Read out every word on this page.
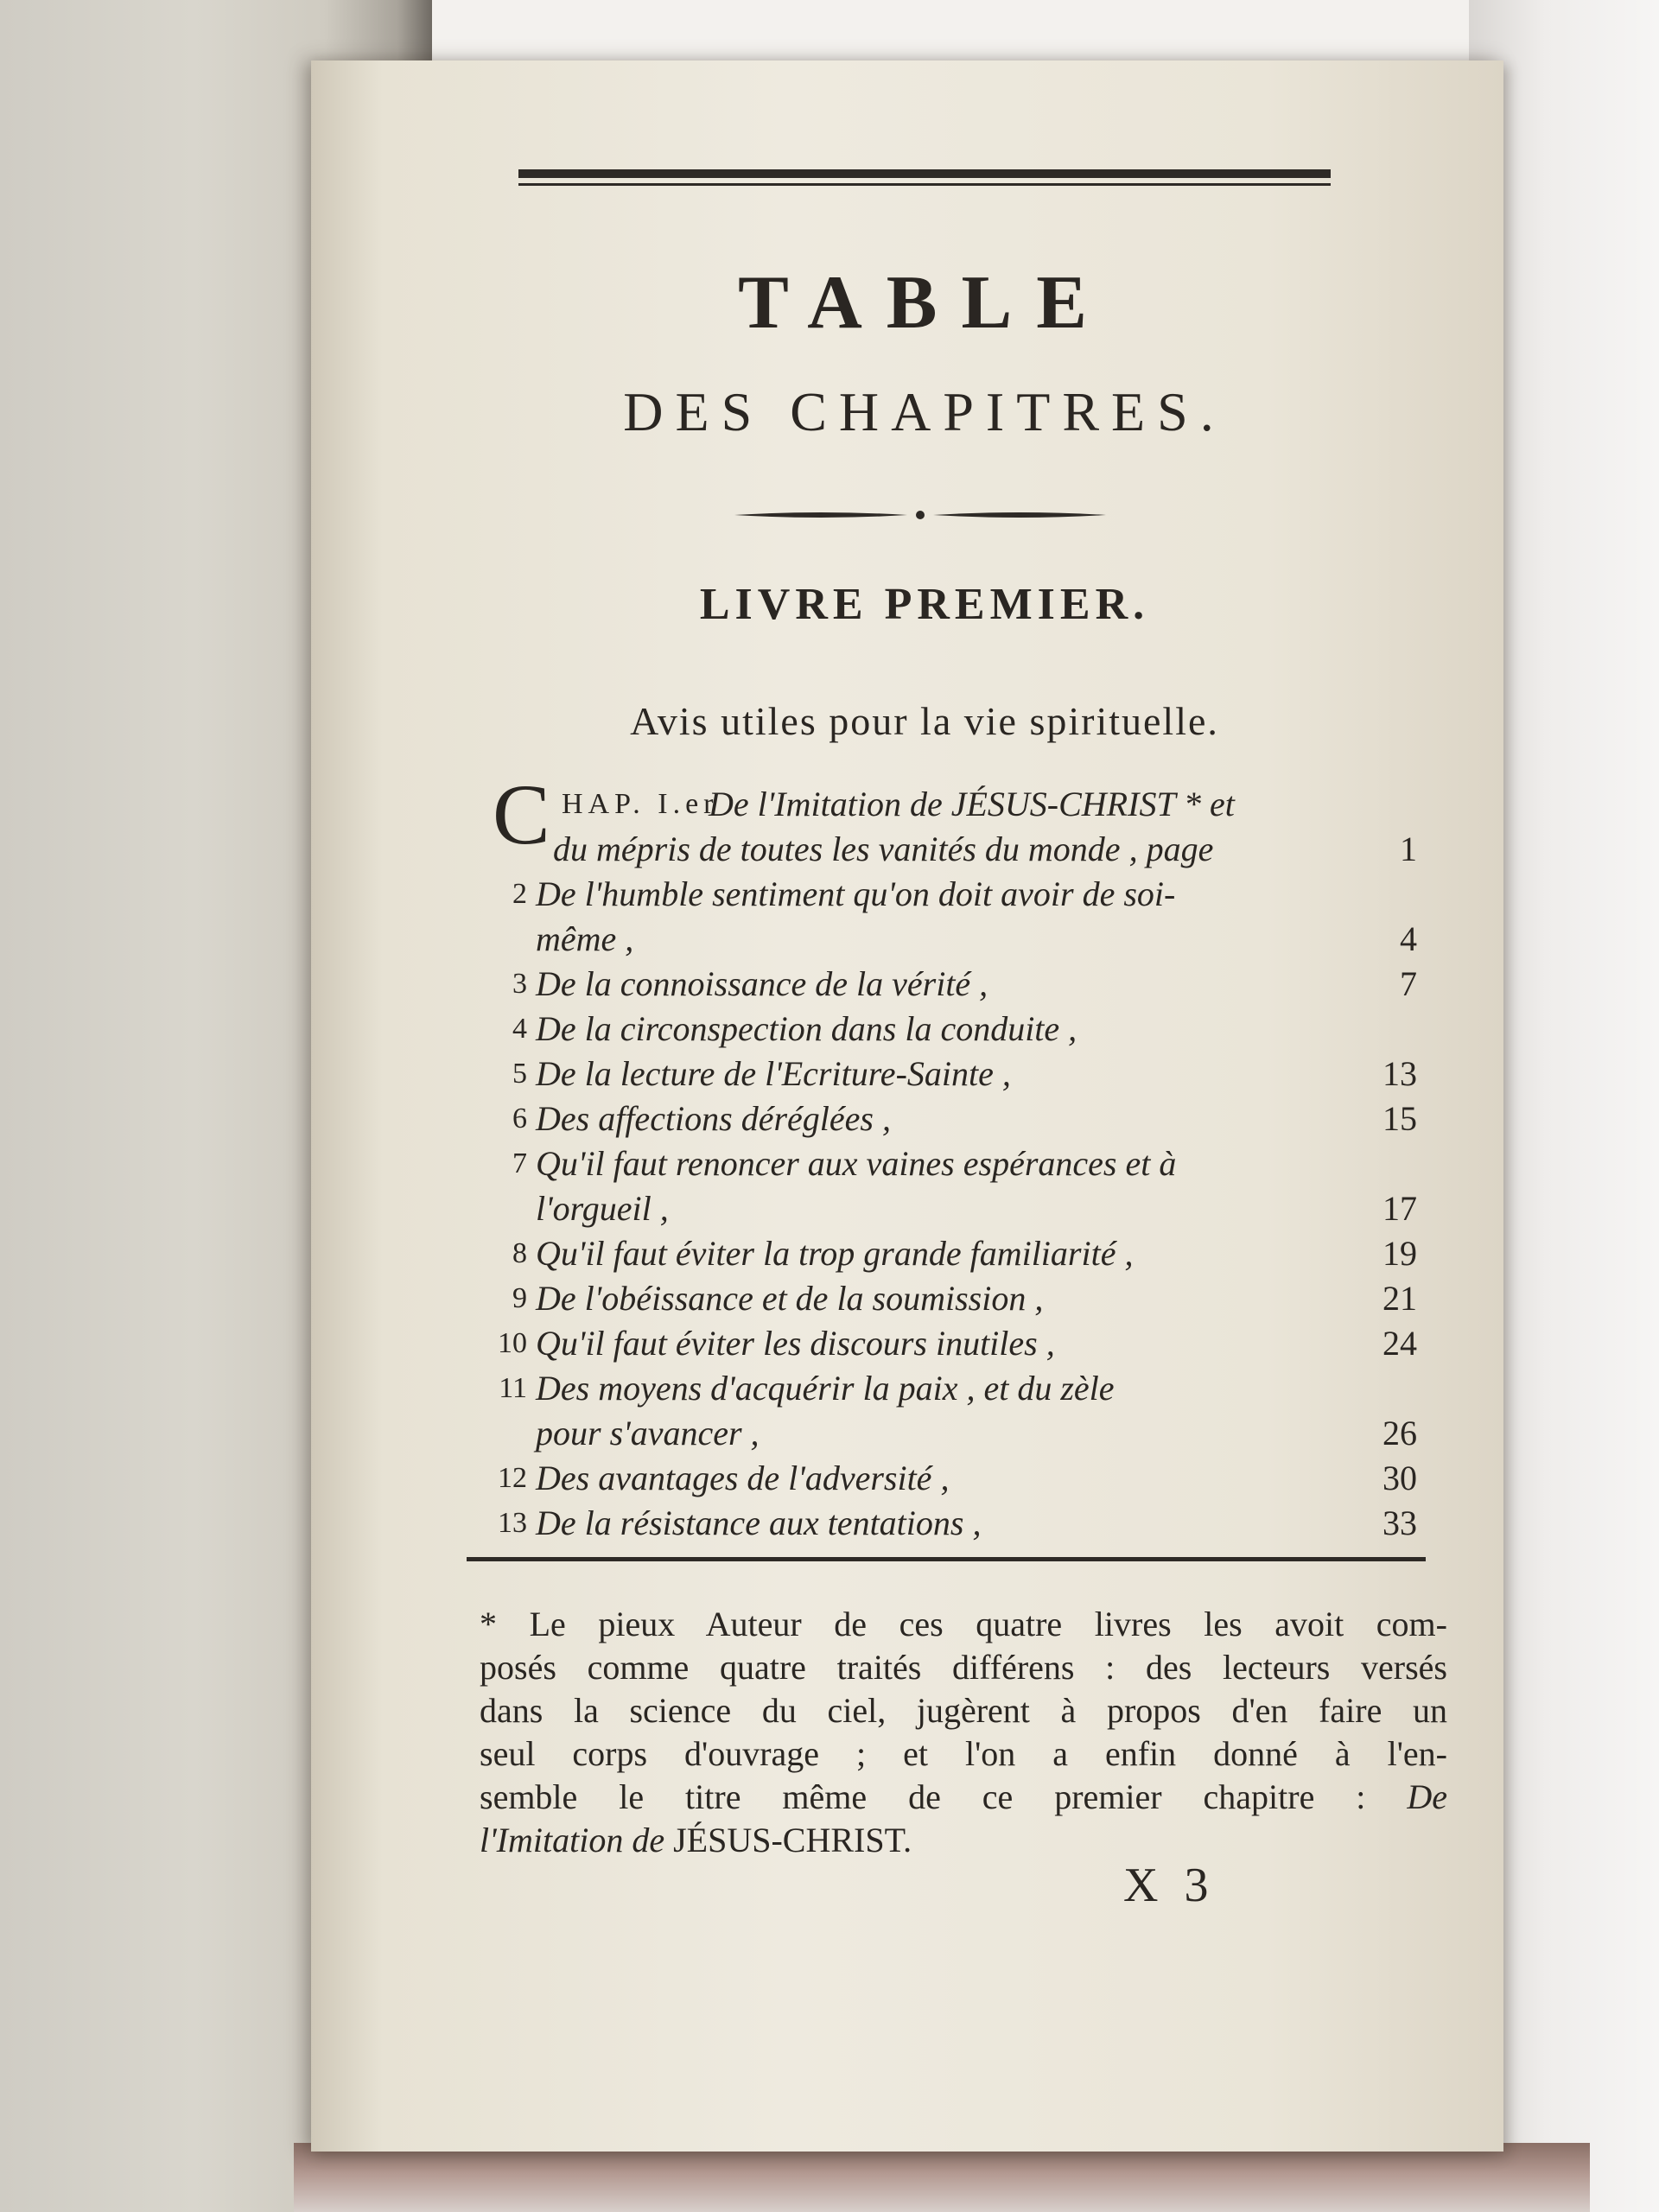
TABLE
DES CHAPITRES.
LIVRE PREMIER.
Avis utiles pour la vie spirituelle.
C HAP. I.er
De l'Imitation de JÉSUS-CHRIST * et
du mépris de toutes les vanités du monde , page	1
2 De l'humble sentiment qu'on doit avoir de soi-
même ,	4
3 De la connoissance de la vérité ,	7
4 De la circonspection dans la conduite ,
5 De la lecture de l'Ecriture-Sainte ,	13
6 Des affections déréglées ,	15
7 Qu'il faut renoncer aux vaines espérances et à
l'orgueil ,	17
8 Qu'il faut éviter la trop grande familiarité ,	19
9 De l'obéissance et de la soumission ,	21
10 Qu'il faut éviter les discours inutiles ,	24
11 Des moyens d'acquérir la paix , et du zèle
pour s'avancer ,	26
12 Des avantages de l'adversité ,	30
13 De la résistance aux tentations ,	33
* Le pieux Auteur de ces quatre livres les avoit com-
posés comme quatre traités différens : des lecteurs versés
dans la science du ciel, jugèrent à propos d'en faire un
seul corps d'ouvrage ; et l'on a enfin donné à l'en-
semble le titre même de ce premier chapitre : De
l'Imitation de JÉSUS-CHRIST.
X 3
